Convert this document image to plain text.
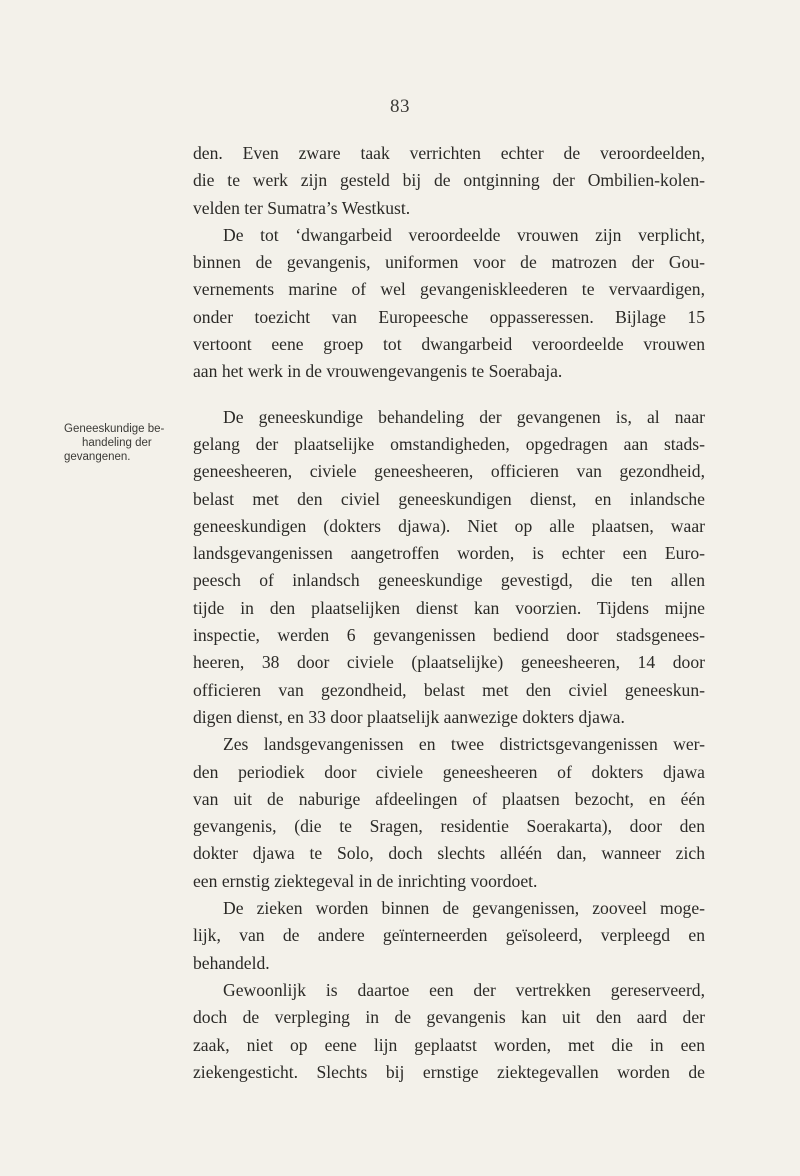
83
Geneeskundige be-
handeling der
gevangenen.
den. Even zware taak verrichten echter de veroordeelden,
die te werk zijn gesteld bij de ontginning der Ombilien-kolen-
velden ter Sumatra’s Westkust.
De tot ‘dwangarbeid veroordeelde vrouwen zijn verplicht,
binnen de gevangenis, uniformen voor de matrozen der Gou-
vernements marine of wel gevangeniskleederen te vervaardigen,
onder toezicht van Europeesche oppasseressen. Bijlage 15
vertoont eene groep tot dwangarbeid veroordeelde vrouwen
aan het werk in de vrouwengevangenis te Soerabaja.
De geneeskundige behandeling der gevangenen is, al naar
gelang der plaatselijke omstandigheden, opgedragen aan stads-
geneesheeren, civiele geneesheeren, officieren van gezondheid,
belast met den civiel geneeskundigen dienst, en inlandsche
geneeskundigen (dokters djawa). Niet op alle plaatsen, waar
landsgevangenissen aangetroffen worden, is echter een Euro-
peesch of inlandsch geneeskundige gevestigd, die ten allen
tijde in den plaatselijken dienst kan voorzien. Tijdens mijne
inspectie, werden 6 gevangenissen bediend door stadsgenees-
heeren, 38 door civiele (plaatselijke) geneesheeren, 14 door
officieren van gezondheid, belast met den civiel geneeskun-
digen dienst, en 33 door plaatselijk aanwezige dokters djawa.
Zes landsgevangenissen en twee districtsgevangenissen wer-
den periodiek door civiele geneesheeren of dokters djawa
van uit de naburige afdeelingen of plaatsen bezocht, en één
gevangenis, (die te Sragen, residentie Soerakarta), door den
dokter djawa te Solo, doch slechts alléén dan, wanneer zich
een ernstig ziektegeval in de inrichting voordoet.
De zieken worden binnen de gevangenissen, zooveel moge-
lijk, van de andere geïnterneerden geïsoleerd, verpleegd en
behandeld.
Gewoonlijk is daartoe een der vertrekken gereserveerd,
doch de verpleging in de gevangenis kan uit den aard der
zaak, niet op eene lijn geplaatst worden, met die in een
ziekengesticht. Slechts bij ernstige ziektegevallen worden de
